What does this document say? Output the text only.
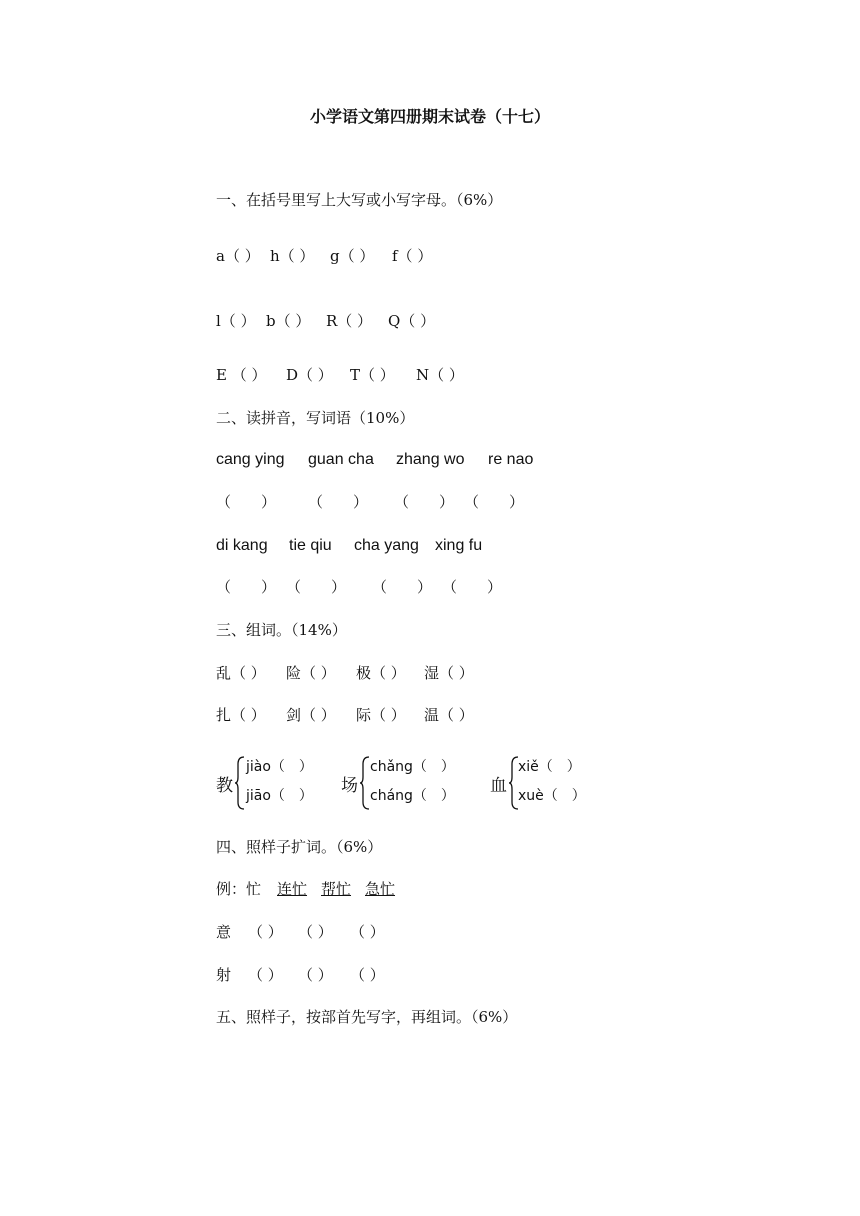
小学语文第四册期末试卷（十七）
一、在括号里写上大写或小写字母。（6%）
a（ ） h（ ） g（ ） f（ ）
l（ ） b（ ） R（ ） Q（ ）
E （ ） D（ ） T（ ） N（ ）
二、读拼音，写词语（10%）
cang ying guan cha zhang wo re nao
（　　） （　　） （　　） （　　）
di kang tie qiu cha yang xing fu
（　　） （　　） （　　） （　　）
三、组词。（14%）
乱（ ） 险（ ） 极（ ） 湿（ ）
扎（ ） 剑（ ） 际（ ） 温（ ）
教
jiào（　）
jiāo（　） 场
chǎng（　）
cháng（　） 血
xiě（　）
xuè（　）
四、照样子扩词。（6%）
例：忙 连忙 帮忙 急忙
意 （ ） （ ） （ ）
射 （ ） （ ） （ ）
五、照样子，按部首先写字，再组词。（6%）
